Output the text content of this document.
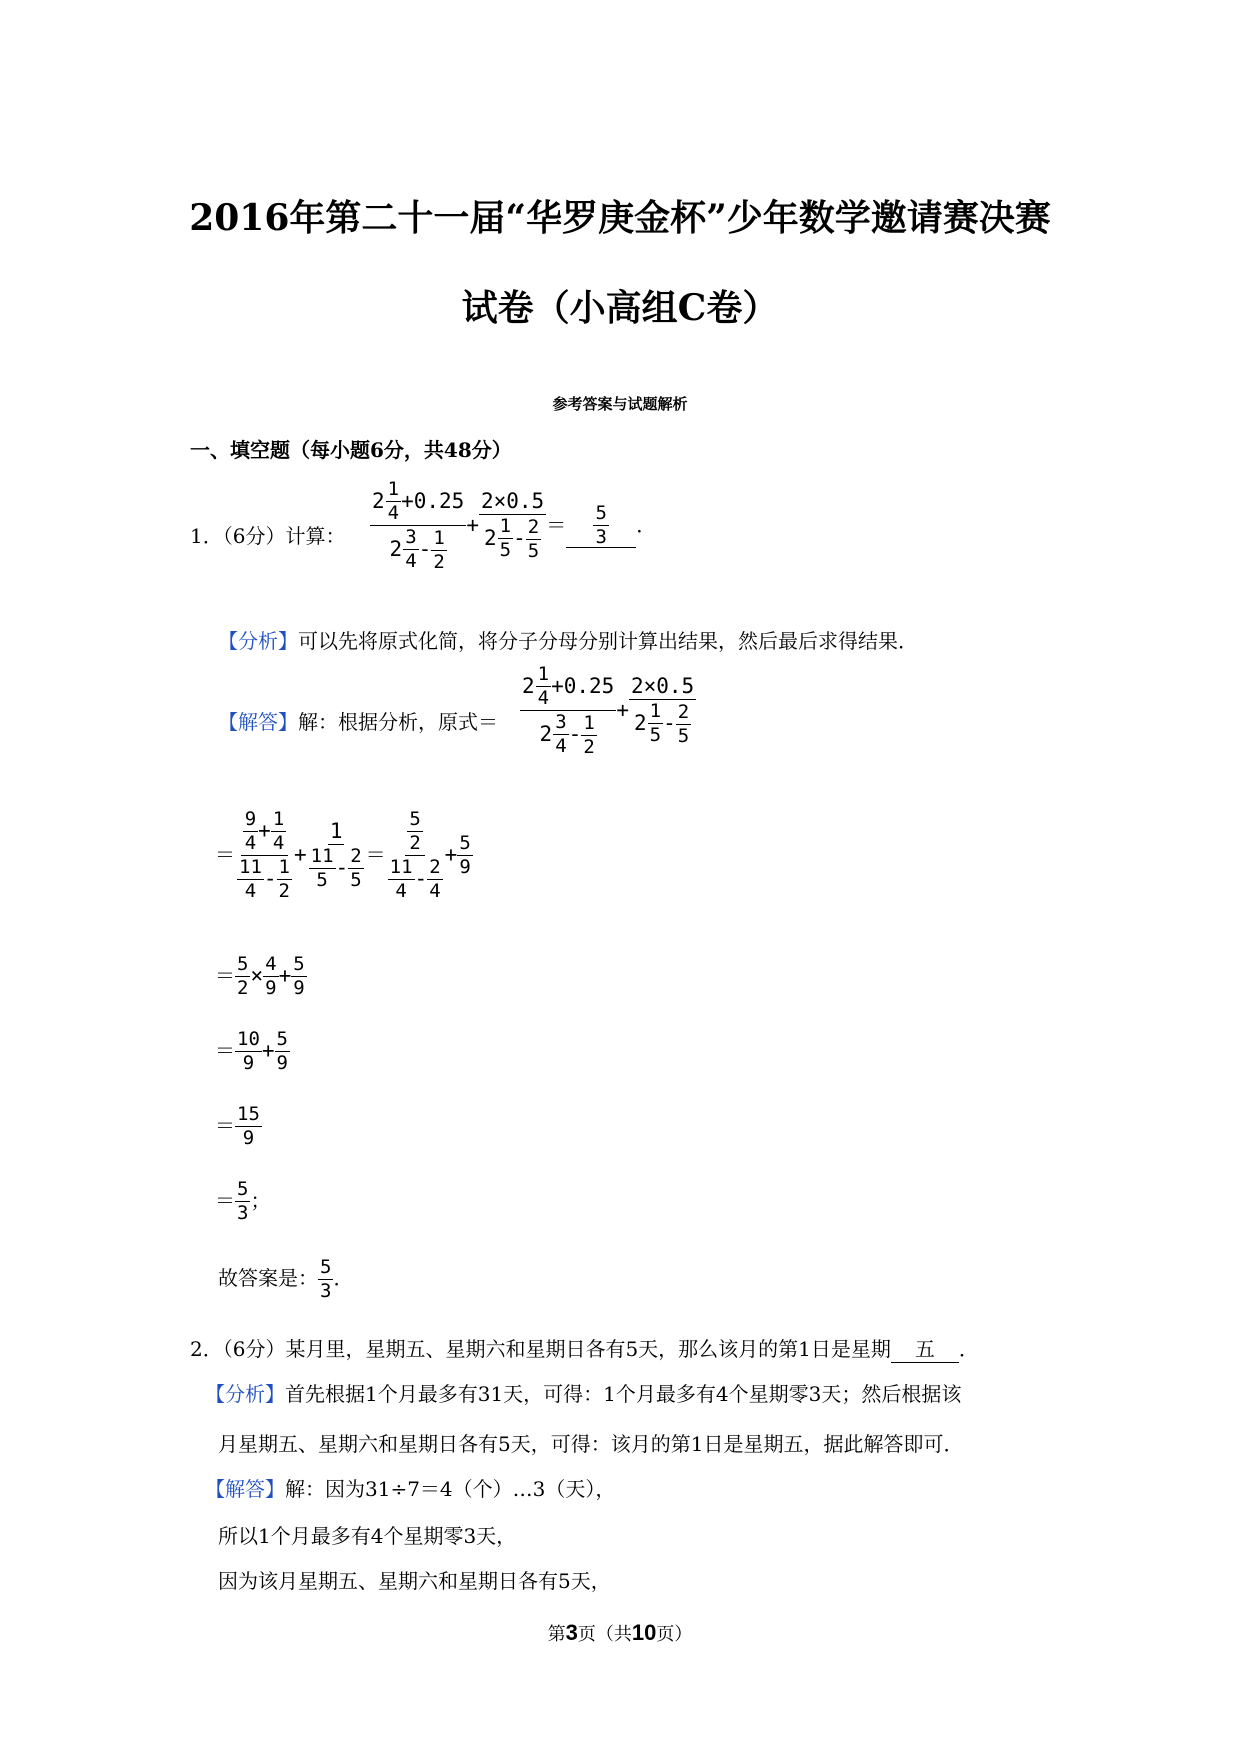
2016年第二十一届“华罗庚金杯”少年数学邀请赛决赛
试卷（小高组C卷）
参考答案与试题解析
一、填空题（每小题6分，共48分）
1．（6分）计算： $\frac{2 \frac{1}{4} +0.25}{2 \frac{3}{4} - \frac{1}{2}} + \frac{2\times 0.5}{2 \frac{1}{5} - \frac{2}{5}} = \frac{5}{3}$ ．
【分析】可以先将原式化简，将分子分母分别计算出结果，然后最后求得结果．
【解答】解：根据分析，原式＝ $\frac{2 \frac{1}{4} +0.25}{2 \frac{3}{4} - \frac{1}{2}} + \frac{2\times 0.5}{2 \frac{1}{5} - \frac{2}{5}}$
＝ $\frac{\frac{9}{4} + \frac{1}{4}}{\frac{11}{4} - \frac{1}{2}} + \frac{1}{\frac{11}{5} - \frac{2}{5}} = \frac{\frac{5}{2}}{\frac{11}{4} - \frac{2}{4}} + \frac{5}{9}$
＝ $\frac{5}{2} \times \frac{4}{9} + \frac{5}{9}$
＝ $\frac{10}{9} + \frac{5}{9}$
＝ $\frac{15}{9}$
＝ $\frac{5}{3}$ ；
故答案是： $\frac{5}{3}$ ．
2．（6分）某月里，星期五、星期六和星期日各有5天，那么该月的第1日是星期 五 ．
【分析】首先根据1个月最多有31天，可得：1个月最多有4个星期零3天；然后根据该
月星期五、星期六和星期日各有5天，可得：该月的第1日是星期五，据此解答即可．
【解答】解：因为31÷7＝4（个）…3（天），
所以1个月最多有4个星期零3天，
因为该月星期五、星期六和星期日各有5天，
第3页（共10页）
